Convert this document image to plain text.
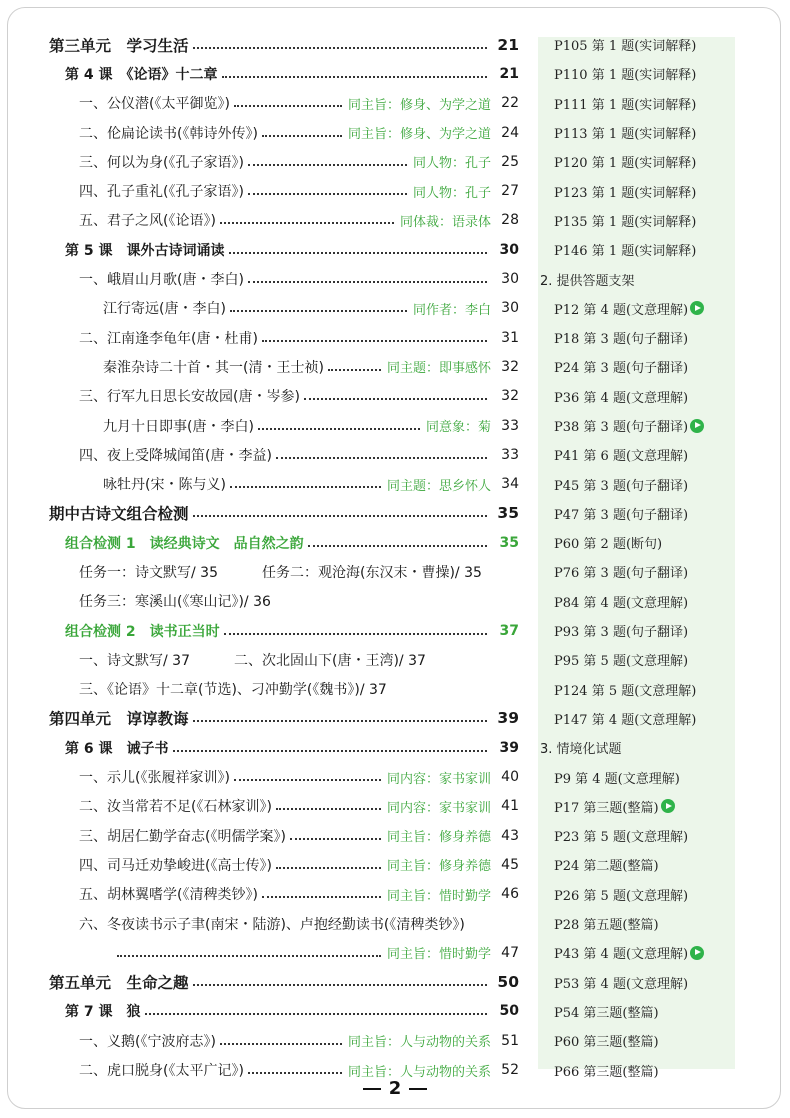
第三单元　学习生活	21
第 4 课　《论语》十二章	21
一、公仪潜(《太平御览》)	同主旨：修身、为学之道 22
二、伦扁论读书(《韩诗外传》)	同主旨：修身、为学之道 24
三、何以为身(《孔子家语》)	同人物：孔子 25
四、孔子重礼(《孔子家语》)	同人物：孔子 27
五、君子之风(《论语》)	同体裁：语录体 28
第 5 课　课外古诗词诵读	30
一、峨眉山月歌(唐・李白)	30
江行寄远(唐・李白)	同作者：李白 30
二、江南逢李龟年(唐・杜甫)	31
秦淮杂诗二十首・其一(清・王士祯)	同主题：即事感怀 32
三、行军九日思长安故园(唐・岑参)	32
九月十日即事(唐・李白)	同意象：菊 33
四、夜上受降城闻笛(唐・李益)	33
咏牡丹(宋・陈与义)	同主题：思乡怀人 34
期中古诗文组合检测	35
组合检测 1　读经典诗文　品自然之韵	35
任务一：诗文默写/ 35	任务二：观沧海(东汉末・曹操)/ 35
任务三：寒溪山(《寒山记》)/ 36
组合检测 2　读书正当时	37
一、诗文默写/ 37	二、次北固山下(唐・王湾)/ 37
三、《论语》十二章(节选)、刁冲勤学(《魏书》)/ 37
第四单元　谆谆教诲	39
第 6 课　诫子书	39
一、示儿(《张履祥家训》)	同内容：家书家训 40
二、汝当常若不足(《石林家训》)	同内容：家书家训 41
三、胡居仁勤学奋志(《明儒学案》)	同主旨：修身养德 43
四、司马迁劝挚峻进(《高士传》)	同主旨：修身养德 45
五、胡林翼嗜学(《清稗类钞》)	同主旨：惜时勤学 46
六、冬夜读书示子聿(南宋・陆游)、卢抱经勤读书(《清稗类钞》)
同主旨：惜时勤学 47
第五单元　生命之趣	50
第 7 课　狼	50
一、义鹅(《宁波府志》)	同主旨：人与动物的关系 51
二、虎口脱身(《太平广记》)	同主旨：人与动物的关系 52
P105 第 1 题(实词解释)
P110 第 1 题(实词解释)
P111 第 1 题(实词解释)
P113 第 1 题(实词解释)
P120 第 1 题(实词解释)
P123 第 1 题(实词解释)
P135 第 1 题(实词解释)
P146 第 1 题(实词解释)
2. 提供答题支架
P12 第 4 题(文意理解)
P18 第 3 题(句子翻译)
P24 第 3 题(句子翻译)
P36 第 4 题(文意理解)
P38 第 3 题(句子翻译)
P41 第 6 题(文意理解)
P45 第 3 题(句子翻译)
P47 第 3 题(句子翻译)
P60 第 2 题(断句)
P76 第 3 题(句子翻译)
P84 第 4 题(文意理解)
P93 第 3 题(句子翻译)
P95 第 5 题(文意理解)
P124 第 5 题(文意理解)
P147 第 4 题(文意理解)
3. 情境化试题
P9 第 4 题(文意理解)
P17 第三题(整篇)
P23 第 5 题(文意理解)
P24 第二题(整篇)
P26 第 5 题(文意理解)
P28 第五题(整篇)
P43 第 4 题(文意理解)
P53 第 4 题(文意理解)
P54 第三题(整篇)
P60 第三题(整篇)
P66 第三题(整篇)
2
